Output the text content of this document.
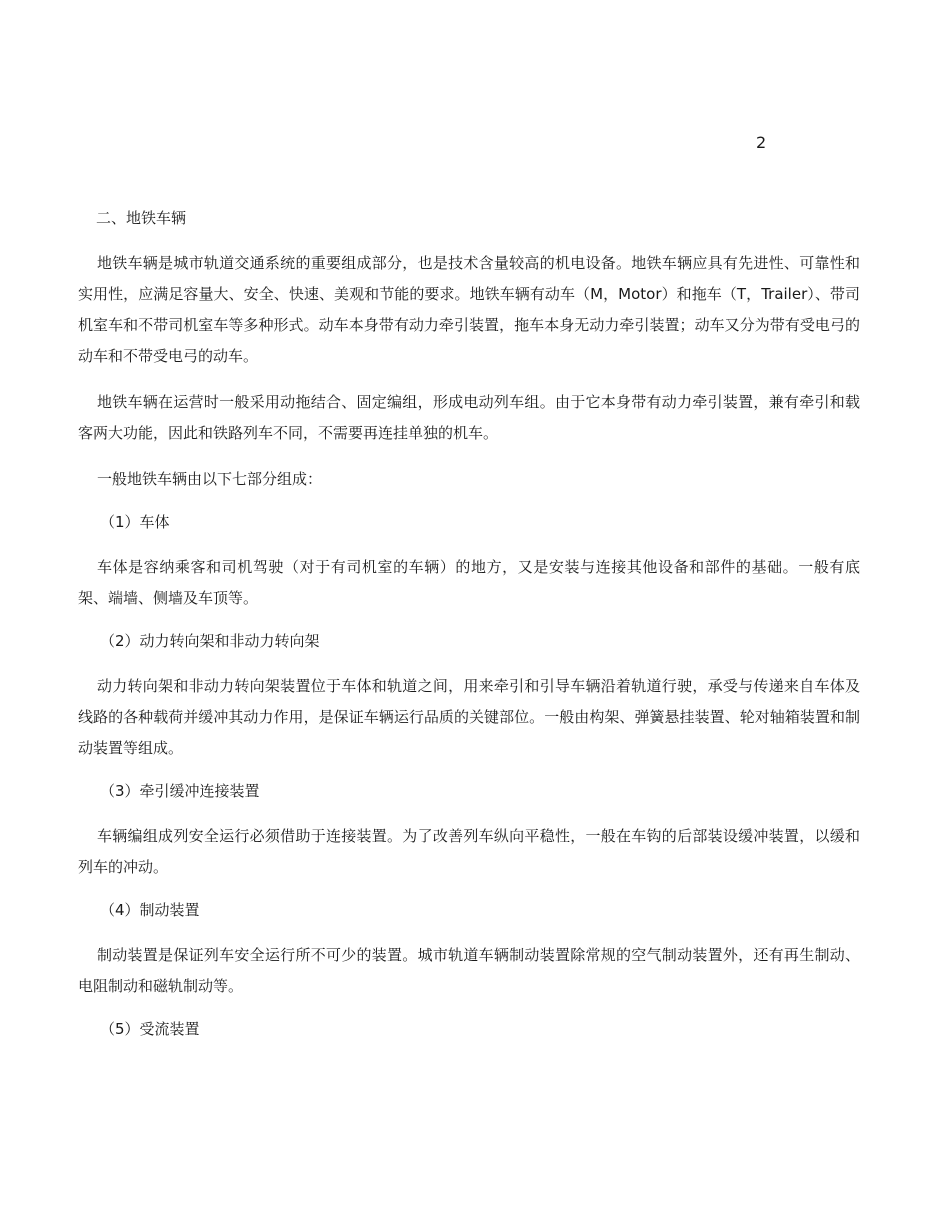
2
二、地铁车辆

地铁车辆是城市轨道交通系统的重要组成部分，也是技术含量较高的机电设备。地铁车辆应具有先进性、可靠性和实用性，应满足容量大、安全、快速、美观和节能的要求。地铁车辆有动车（M，Motor）和拖车（T，Trailer）、带司机室车和不带司机室车等多种形式。动车本身带有动力牵引装置，拖车本身无动力牵引装置；动车又分为带有受电弓的动车和不带受电弓的动车。

地铁车辆在运营时一般采用动拖结合、固定编组，形成电动列车组。由于它本身带有动力牵引装置，兼有牵引和载客两大功能，因此和铁路列车不同，不需要再连挂单独的机车。

一般地铁车辆由以下七部分组成：

（1）车体

车体是容纳乘客和司机驾驶（对于有司机室的车辆）的地方，又是安装与连接其他设备和部件的基础。一般有底架、端墙、侧墙及车顶等。

（2）动力转向架和非动力转向架

动力转向架和非动力转向架装置位于车体和轨道之间，用来牵引和引导车辆沿着轨道行驶，承受与传递来自车体及线路的各种载荷并缓冲其动力作用，是保证车辆运行品质的关键部位。一般由构架、弹簧悬挂装置、轮对轴箱装置和制动装置等组成。

（3）牵引缓冲连接装置

车辆编组成列安全运行必须借助于连接装置。为了改善列车纵向平稳性，一般在车钩的后部装设缓冲装置，以缓和列车的冲动。

（4）制动装置

制动装置是保证列车安全运行所不可少的装置。城市轨道车辆制动装置除常规的空气制动装置外，还有再生制动、电阻制动和磁轨制动等。

（5）受流装置
